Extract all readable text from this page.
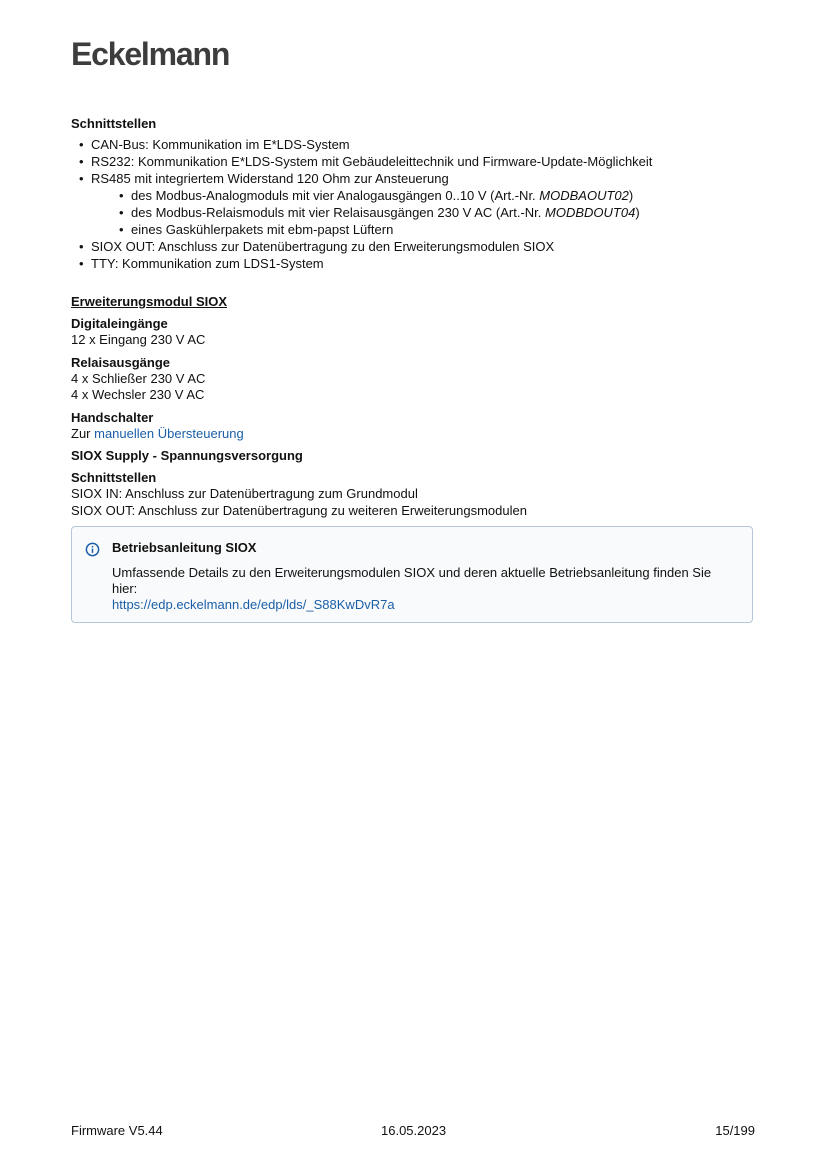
Eckelmann
Schnittstellen
• CAN-Bus: Kommunikation im E*LDS-System
• RS232: Kommunikation E*LDS-System mit Gebäudeleittechnik und Firmware-Update-Möglichkeit
• RS485 mit integriertem Widerstand 120 Ohm zur Ansteuerung
• des Modbus-Analogmoduls mit vier Analogausgängen 0..10 V (Art.-Nr. MODBAOUT02)
• des Modbus-Relaismoduls mit vier Relaisausgängen 230 V AC (Art.-Nr. MODBDOUT04)
• eines Gaskühlerpakets mit ebm-papst Lüftern
• SIOX OUT: Anschluss zur Datenübertragung zu den Erweiterungsmodulen SIOX
• TTY: Kommunikation zum LDS1-System
Erweiterungsmodul SIOX
Digitaleingänge
12 x Eingang 230 V AC
Relaisausgänge
4 x Schließer 230 V AC
4 x Wechsler 230 V AC
Handschalter
Zur manuellen Übersteuerung
SIOX Supply - Spannungsversorgung
Schnittstellen
SIOX IN: Anschluss zur Datenübertragung zum Grundmodul
SIOX OUT: Anschluss zur Datenübertragung zu weiteren Erweiterungsmodulen
Betriebsanleitung SIOX
Umfassende Details zu den Erweiterungsmodulen SIOX und deren aktuelle Betriebsanleitung finden Sie hier:
https://edp.eckelmann.de/edp/lds/_S88KwDvR7a
Firmware V5.44	16.05.2023	15/199
